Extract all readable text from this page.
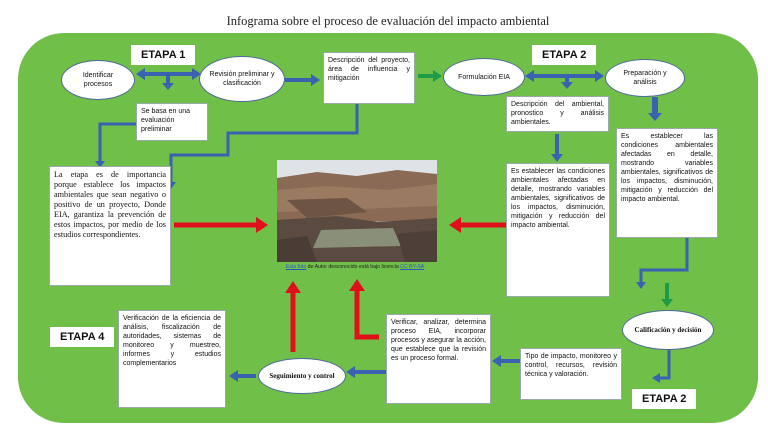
Infograma sobre el proceso de evaluación del impacto ambiental
ETAPA 1	ETAPA 2
ETAPA 2
ETAPA 4
Identificar procesos
Revisión preliminar y clasificación
Formulación EIA	Preparación y análisis
Calificación y decisión
Seguimiento y control
Descripción del proyecto, área de influencia y mitigación
Se basa en una evaluación preliminar
La etapa es de importancia porque establece los impactos ambientales que sean negativo o positivo de un proyecto, Donde EIA, garantiza la prevención de estos impactos, por medio de los estudios correspondientes.
Descripción del ambiental, pronostico y análisis ambientales.
Es establecer las condiciones ambientales afectadas en detalle, mostrando variables ambientales, significativos de los impactos, disminución, mitigación y reducción del impacto ambiental.
Es establecer las condiciones ambientales afectadas en detalle, mostrando variables ambientales, significativos de los impactos, disminución, mitigación y reducción del impacto ambiental.
Verificar, analizar, determina proceso EIA, incorporar procesos y asegurar la acción, que establece que la revisión es un proceso formal.	Tipo de impacto, monitoreo y control, recursos, revisión técnica y valoración.
Verificación de la eficiencia de análisis, fiscalización de autoridades, sistemas de monitoreo y muestreo, informes y estudios complementarios
Esta foto de Autor desconocido está bajo licencia CC BY-SA
